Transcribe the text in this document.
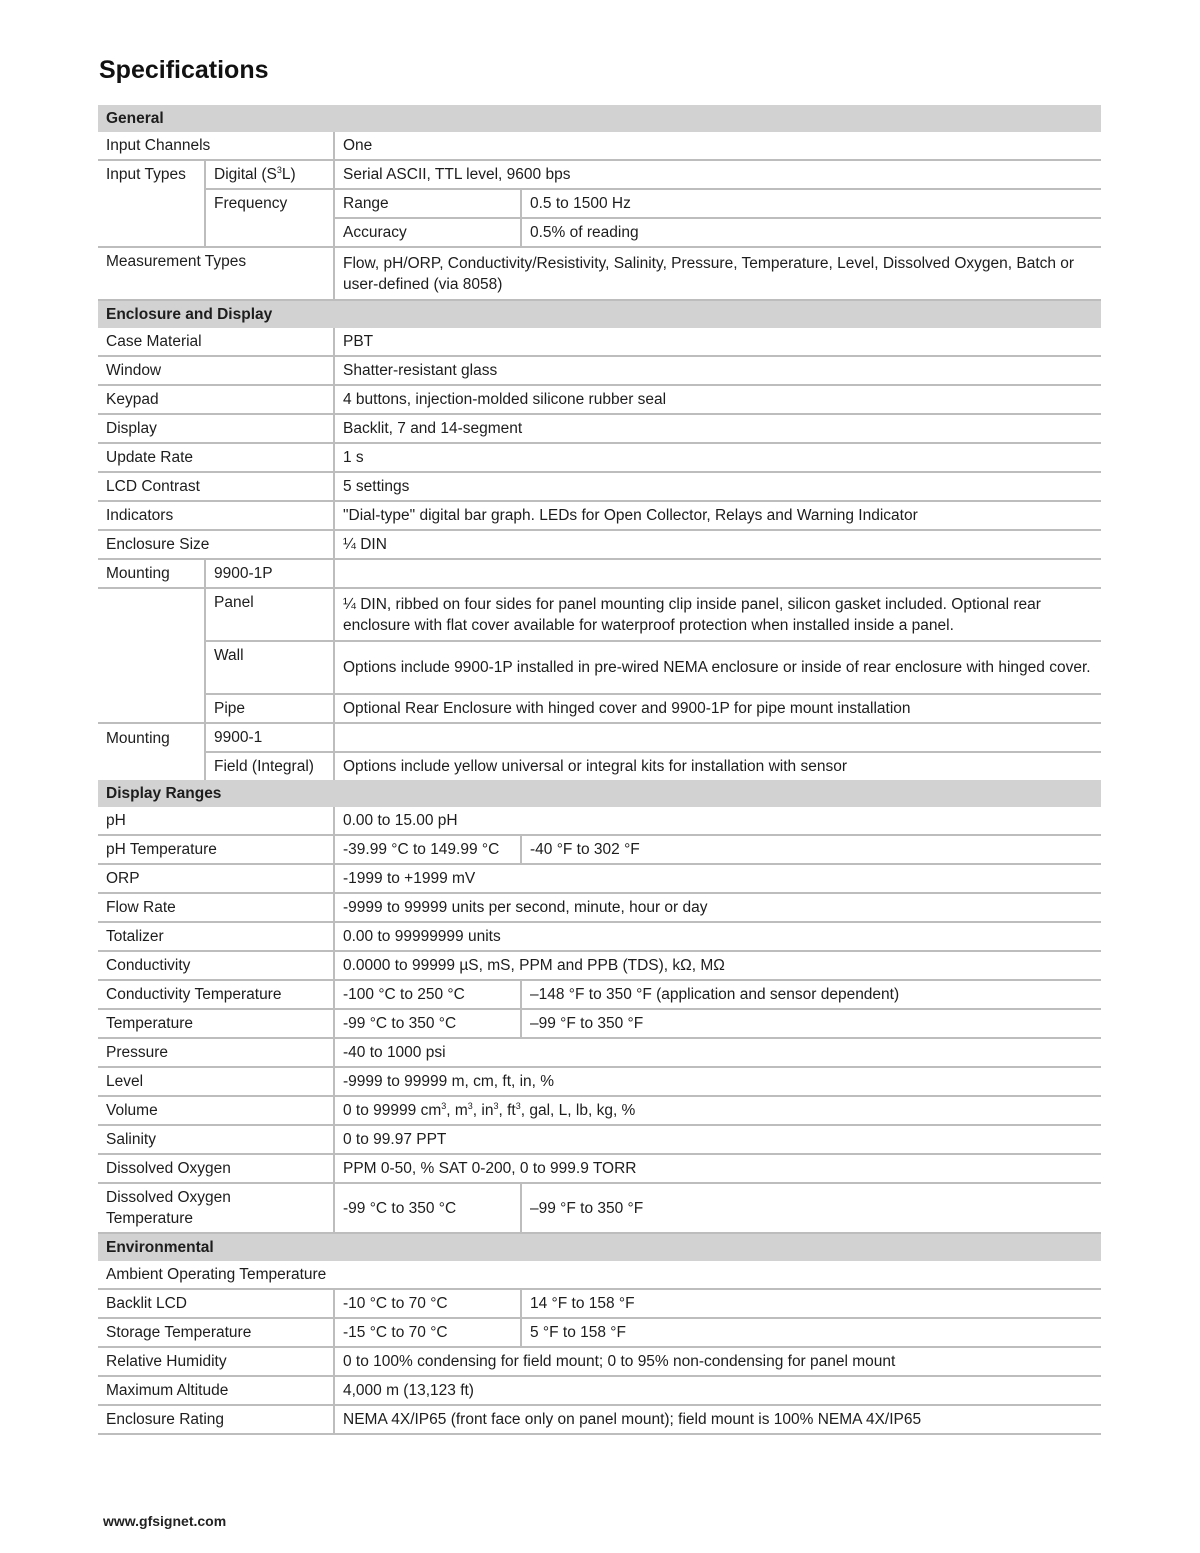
Specifications
General			
Input Channels		One	
Input Types	Digital $(S^3L)$	Serial ASCII, TTL level, 9600 bps	
	Frequency	Range	0.5 to 1500 Hz
		Accuracy	0.5% of reading
Measurement Types		Flow, pH/ORP, Conductivity/Resistivity, Salinity, Pressure, Temperature, Level, Dissolved Oxygen, Batch or user-defined (via 8058)	
Enclosure and Display			
Case Material		PBT	
Window		Shatter-resistant glass	
Keypad		4 buttons, injection-molded silicone rubber seal	
Display		Backlit, 7 and 14-segment	
Update Rate		1 s	
LCD Contrast		5 settings	
Indicators		"Dial-type" digital bar graph. LEDs for Open Collector, Relays and Warning Indicator	
Enclosure Size		¼ DIN	
Mounting	9900-1P		
	Panel	¼ DIN, ribbed on four sides for panel mounting clip inside panel, silicon gasket included. Optional rear enclosure with flat cover available for waterproof protection when installed inside a panel.	
	Wall	Options include 9900-1P installed in pre-wired NEMA enclosure or inside of rear enclosure with hinged cover.	
	Pipe	Optional Rear Enclosure with hinged cover and 9900-1P for pipe mount installation	
Mounting	9900-1		
	Field (Integral)	Options include yellow universal or integral kits for installation with sensor	
Display Ranges			
pH		0.00 to 15.00 pH	
pH Temperature		-39.99 °C to 149.99 °C	-40 °F to 302 °F
ORP		-1999 to +1999 mV	
Flow Rate		-9999 to 99999 units per second, minute, hour or day	
Totalizer		0.00 to 99999999 units	
Conductivity		0.0000 to 99999 µS, mS, PPM and PPB (TDS), kΩ, MΩ	
Conductivity Temperature		-100 °C to 250 °C	–148 °F to 350 °F (application and sensor dependent)
Temperature		-99 °C to 350 °C	–99 °F to 350 °F
Pressure		-40 to 1000 psi	
Level		-9999 to 99999 m, cm, ft, in, %	
Volume		0 to 99999 $cm^3$, $m^3$, $in^3$, $ft^3$, gal, L, lb, kg, %	
Salinity		0 to 99.97 PPT	
Dissolved Oxygen		PPM 0-50, % SAT 0-200, 0 to 999.9 TORR	
Dissolved Oxygen Temperature		-99 °C to 350 °C	–99 °F to 350 °F
Environmental			
Ambient Operating Temperature			
Backlit LCD		-10 °C to 70 °C	14 °F to 158 °F
Storage Temperature		-15 °C to 70 °C	5 °F to 158 °F
Relative Humidity		0 to 100% condensing for field mount; 0 to 95% non-condensing for panel mount	
Maximum Altitude		4,000 m (13,123 ft)	
Enclosure Rating		NEMA 4X/IP65 (front face only on panel mount); field mount is 100% NEMA 4X/IP65	

www.gfsignet.com
